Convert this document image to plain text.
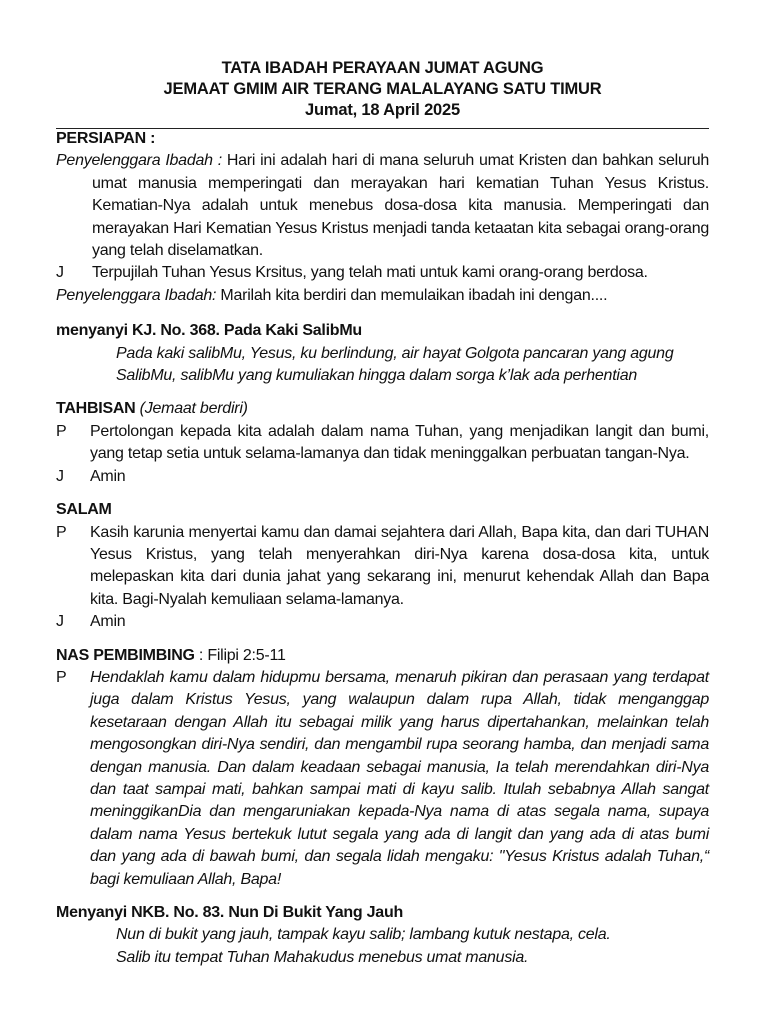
TATA IBADAH PERAYAAN JUMAT AGUNG
JEMAAT GMIM AIR TERANG MALALAYANG SATU TIMUR
Jumat, 18 April 2025

PERSIAPAN :

Penyelenggara Ibadah : Hari ini adalah hari di mana seluruh umat Kristen dan bahkan seluruh umat manusia memperingati dan merayakan hari kematian Tuhan Yesus Kristus. Kematian-Nya adalah untuk menebus dosa-dosa kita manusia. Memperingati dan merayakan Hari Kematian Yesus Kristus menjadi tanda ketaatan kita sebagai orang-orang yang telah diselamatkan.

J	Terpujilah Tuhan Yesus Krsitus, yang telah mati untuk kami orang-orang berdosa.

Penyelenggara Ibadah: Marilah kita berdiri dan memulaikan ibadah ini dengan....

menyanyi KJ. No. 368. Pada Kaki SalibMu

Pada kaki salibMu, Yesus, ku berlindung, air hayat Golgota pancaran yang agung

SalibMu, salibMu yang kumuliakan hingga dalam sorga k’lak ada perhentian

TAHBISAN (Jemaat berdiri)

P	Pertolongan kepada kita adalah dalam nama Tuhan, yang menjadikan langit dan bumi, yang tetap setia untuk selama-lamanya dan tidak meninggalkan perbuatan tangan-Nya.
J	Amin

SALAM

P	Kasih karunia menyertai kamu dan damai sejahtera dari Allah, Bapa kita, dan dari TUHAN Yesus Kristus, yang telah menyerahkan diri-Nya karena dosa-dosa kita, untuk melepaskan kita dari dunia jahat yang sekarang ini, menurut kehendak Allah dan Bapa kita. Bagi-Nyalah kemuliaan selama-lamanya.
J	Amin

NAS PEMBIMBING : Filipi 2:5-11

P	Hendaklah kamu dalam hidupmu bersama, menaruh pikiran dan perasaan yang terdapat juga dalam Kristus Yesus, yang walaupun dalam rupa Allah, tidak menganggap kesetaraan dengan Allah itu sebagai milik yang harus dipertahankan, melainkan telah mengosongkan diri-Nya sendiri, dan mengambil rupa seorang hamba, dan menjadi sama dengan manusia. Dan dalam keadaan sebagai manusia, Ia telah merendahkan diri-Nya dan taat sampai mati, bahkan sampai mati di kayu salib. Itulah sebabnya Allah sangat meninggikanDia dan mengaruniakan kepada-Nya nama di atas segala nama, supaya dalam nama Yesus bertekuk lutut segala yang ada di langit dan yang ada di atas bumi dan yang ada di bawah bumi, dan segala lidah mengaku: "Yesus Kristus adalah Tuhan,“ bagi kemuliaan Allah, Bapa!

Menyanyi NKB. No. 83. Nun Di Bukit Yang Jauh

Nun di bukit yang jauh, tampak kayu salib; lambang kutuk nestapa, cela.

Salib itu tempat Tuhan Mahakudus menebus umat manusia.
